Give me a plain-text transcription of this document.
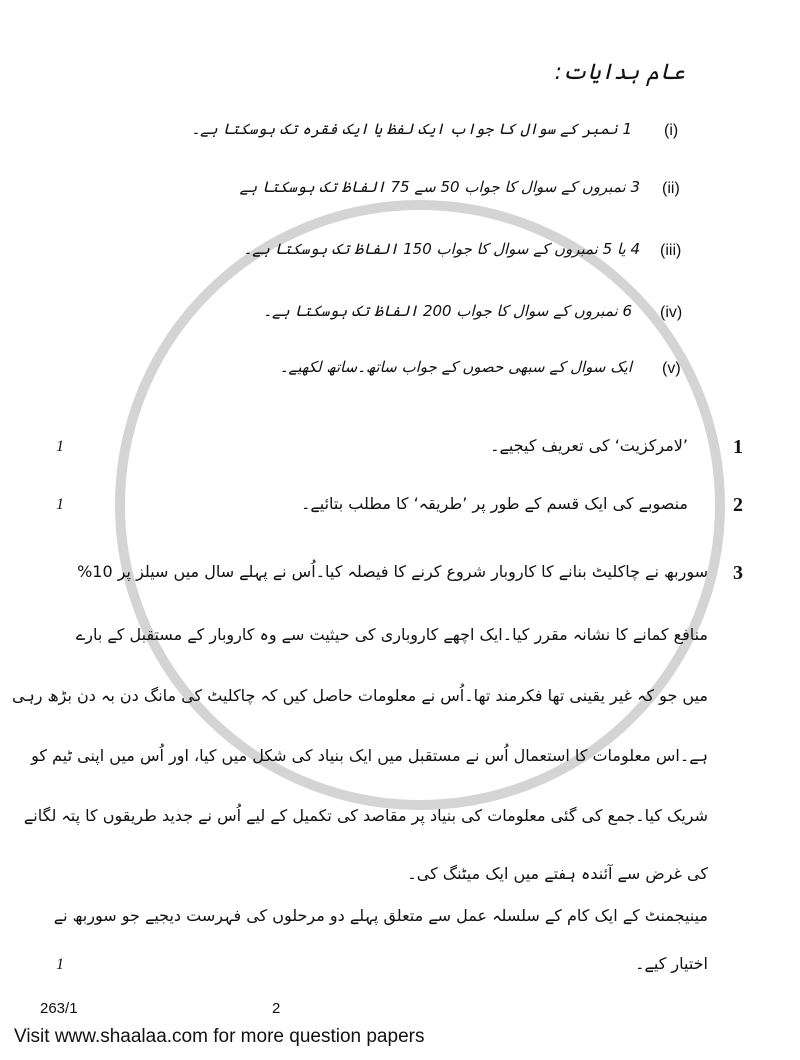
عام ہدایات:
(i)
1 نمبر کے سوال کا جواب ایک لفظ یا ایک فقرہ تک ہوسکتا ہے۔
(ii)
3 نمبروں کے سوال کا جواب 50 سے 75 الفاظ تک ہوسکتا ہے
(iii)
4 یا 5 نمبروں کے سوال کا جواب 150 الفاظ تک ہوسکتا ہے۔
(iv)
6 نمبروں کے سوال کا جواب 200 الفاظ تک ہوسکتا ہے۔
(v)
ایک سوال کے سبھی حصوں کے جواب ساتھ۔ساتھ لکھیے۔
1
’لامرکزیت‘ کی تعریف کیجیے۔
1
2
منصوبے کی ایک قسم کے طور پر ’طریقہ‘ کا مطلب بتائیے۔
1
3
سوربھ نے چاکلیٹ بنانے کا کاروبار شروع کرنے کا فیصلہ کیا۔اُس نے پہلے سال میں سیلز پر 10%
منافع کمانے کا نشانہ مقرر کیا۔ایک اچھے کاروباری کی حیثیت سے وہ کاروبار کے مستقبل کے بارے
میں جو کہ غیر یقینی تھا فکرمند تھا۔اُس نے معلومات حاصل کیں کہ چاکلیٹ کی مانگ دن بہ دن بڑھ رہی
ہے۔اس معلومات کا استعمال اُس نے مستقبل میں ایک بنیاد کی شکل میں کیا، اور اُس میں اپنی ٹیم کو
شریک کیا۔جمع کی گئی معلومات کی بنیاد پر مقاصد کی تکمیل کے لیے اُس نے جدید طریقوں کا پتہ لگانے
کی غرض سے آئندہ ہفتے میں ایک میٹنگ کی۔
مینیجمنٹ کے ایک کام کے سلسلہ عمل سے متعلق پہلے دو مرحلوں کی فہرست دیجیے جو سوربھ نے
اختیار کیے۔
1
263/1	2
Visit www.shaalaa.com for more question papers
